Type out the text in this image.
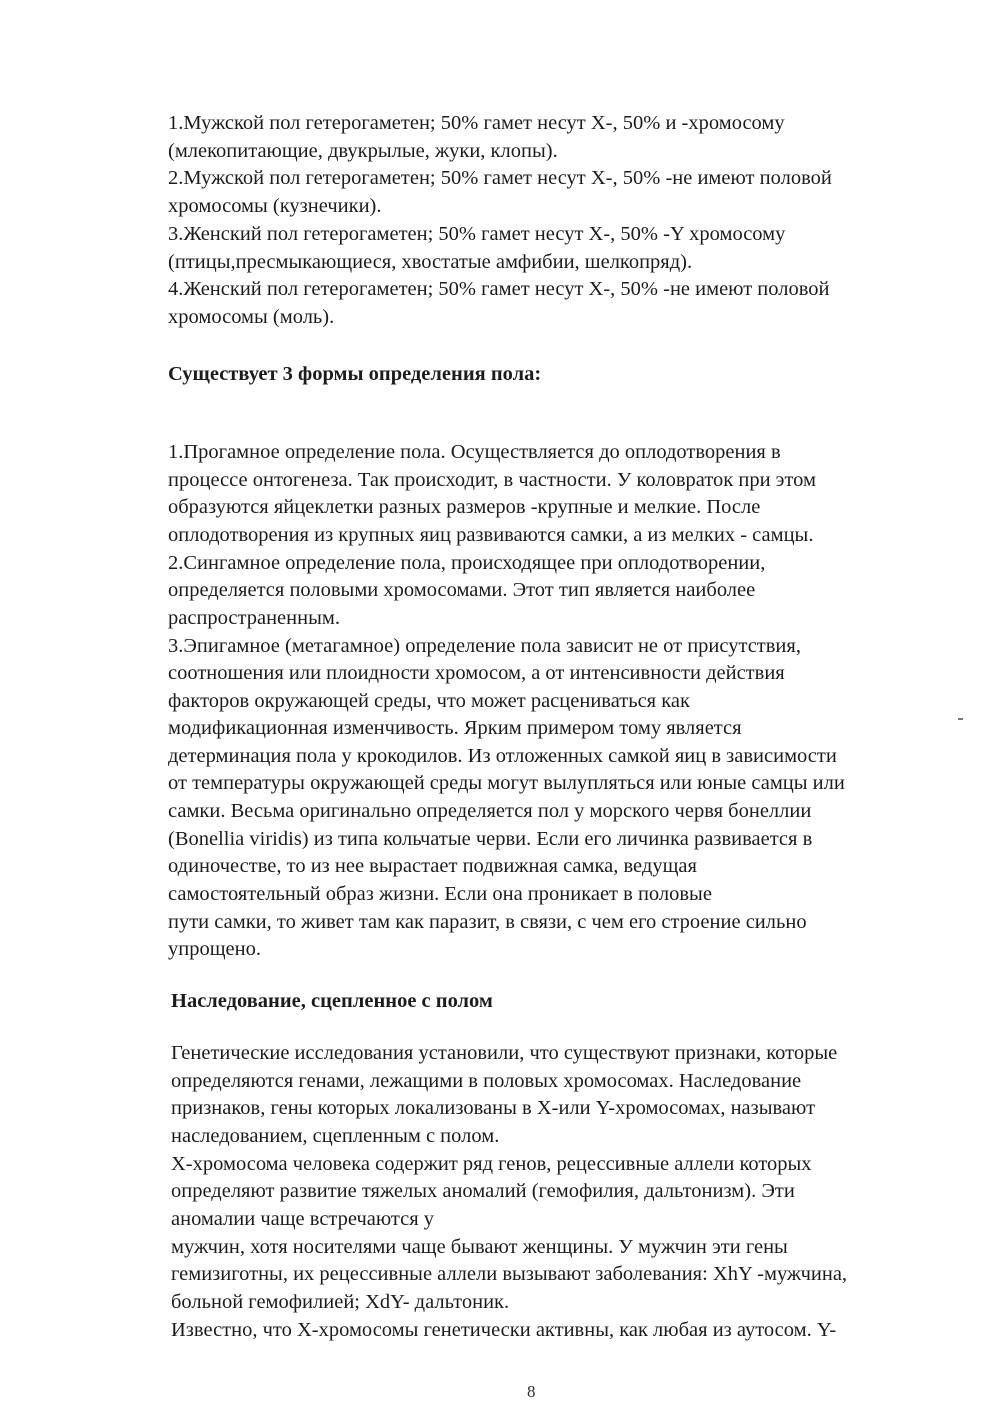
1.Мужской пол гетерогаметен; 50% гамет несут X-, 50% и -хромосому
(млекопитающие, двукрылые, жуки, клопы).
2.Мужской пол гетерогаметен; 50% гамет несут X-, 50% -не имеют половой
хромосомы (кузнечики).
3.Женский пол гетерогаметен; 50% гамет несут X-, 50% -Y хромосому
(птицы,пресмыкающиеся, хвостатые амфибии, шелкопряд).
4.Женский пол гетерогаметен; 50% гамет несут X-, 50% -не имеют половой
хромосомы (моль).
Существует 3 формы определения пола:
1.Прогамное определение пола. Осуществляется до оплодотворения в
процессе онтогенеза. Так происходит, в частности. У коловраток при этом
образуются яйцеклетки разных размеров -крупные и мелкие. После
оплодотворения из крупных яиц развиваются самки, а из мелких - самцы.
2.Сингамное определение пола, происходящее при оплодотворении,
определяется половыми хромосомами. Этот тип является наиболее
распространенным.
3.Эпигамное (метагамное) определение пола зависит не от присутствия,
соотношения или плоидности хромосом, а от интенсивности действия
факторов окружающей среды, что может расцениваться как
модификационная изменчивость. Ярким примером тому является
детерминация пола у крокодилов. Из отложенных самкой яиц в зависимости
от температуры окружающей среды могут вылупляться или юные самцы или
самки. Весьма оригинально определяется пол у морского червя бонеллии
(Bonellia viridis) из типа кольчатые черви. Если его личинка развивается в
одиночестве, то из нее вырастает подвижная самка, ведущая
самостоятельный образ жизни. Если она проникает в половые
пути самки, то живет там как паразит, в связи, с чем его строение сильно
упрощено.
Наследование, сцепленное с полом
Генетические исследования установили, что существуют признаки, которые
определяются генами, лежащими в половых хромосомах. Наследование
признаков, гены которых локализованы в X-или Y-хромосомах, называют
наследованием, сцепленным с полом.
X-хромосома человека содержит ряд генов, рецессивные аллели которых
определяют развитие тяжелых аномалий (гемофилия, дальтонизм). Эти
аномалии чаще встречаются у
мужчин, хотя носителями чаще бывают женщины. У мужчин эти гены
гемизиготны, их рецессивные аллели вызывают заболевания: XhY -мужчина,
больной гемофилией; XdY- дальтоник.
Известно, что X-хромосомы генетически активны, как любая из аутосом. Y-
8
